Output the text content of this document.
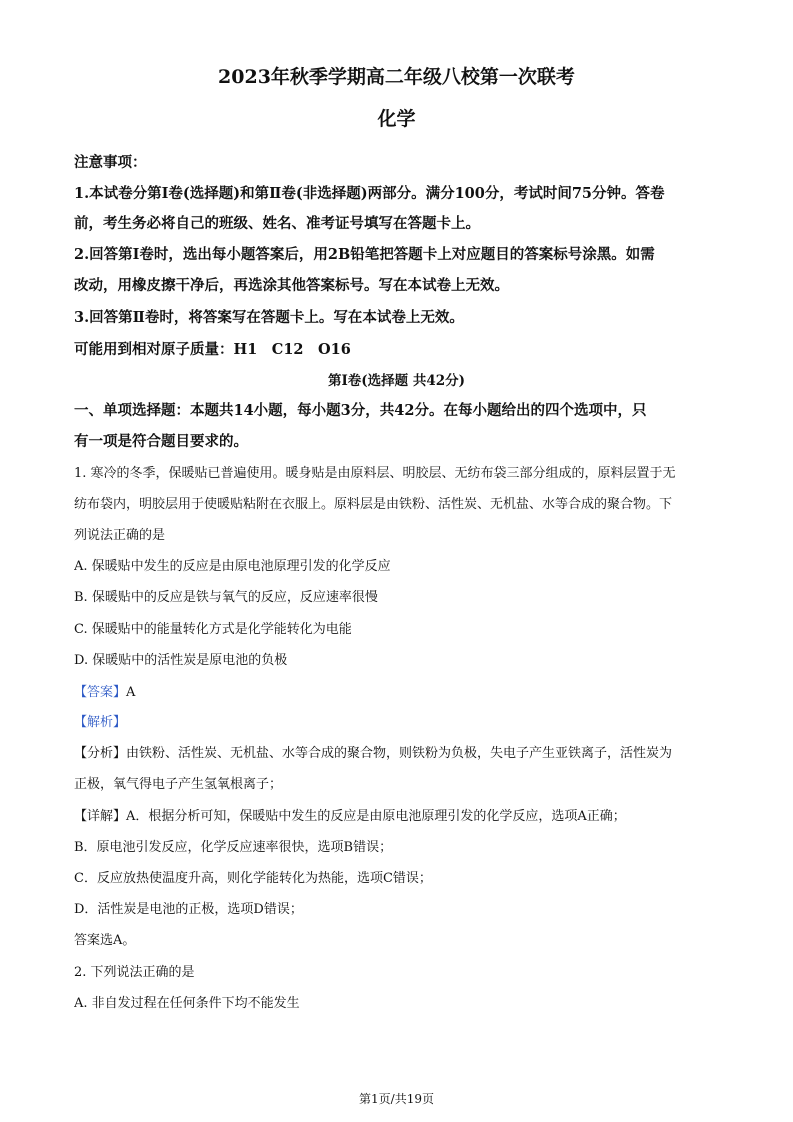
2023年秋季学期高二年级八校第一次联考
化学
注意事项：
1.本试卷分第Ⅰ卷(选择题)和第Ⅱ卷(非选择题)两部分。满分100分，考试时间75分钟。答卷
前，考生务必将自己的班级、姓名、准考证号填写在答题卡上。
2.回答第Ⅰ卷时，选出每小题答案后，用2B铅笔把答题卡上对应题目的答案标号涂黑。如需
改动，用橡皮擦干净后，再选涂其他答案标号。写在本试卷上无效。
3.回答第Ⅱ卷时，将答案写在答题卡上。写在本试卷上无效。
可能用到相对原子质量：H1　C12　O16
第Ⅰ卷(选择题 共42分)
一、单项选择题：本题共14小题，每小题3分，共42分。在每小题给出的四个选项中，只
有一项是符合题目要求的。
1. 寒冷的冬季，保暖贴已普遍使用。暖身贴是由原料层、明胶层、无纺布袋三部分组成的，原料层置于无
纺布袋内，明胶层用于使暖贴粘附在衣服上。原料层是由铁粉、活性炭、无机盐、水等合成的聚合物。下
列说法正确的是
A. 保暖贴中发生的反应是由原电池原理引发的化学反应
B. 保暖贴中的反应是铁与氧气的反应，反应速率很慢
C. 保暖贴中的能量转化方式是化学能转化为电能
D. 保暖贴中的活性炭是原电池的负极
【答案】A
【解析】
【分析】由铁粉、活性炭、无机盐、水等合成的聚合物，则铁粉为负极，失电子产生亚铁离子，活性炭为
正极，氧气得电子产生氢氧根离子；
【详解】A．根据分析可知，保暖贴中发生的反应是由原电池原理引发的化学反应，选项A正确；
B．原电池引发反应，化学反应速率很快，选项B错误；
C．反应放热使温度升高，则化学能转化为热能，选项C错误；
D．活性炭是电池的正极，选项D错误；
答案选A。
2. 下列说法正确的是
A. 非自发过程在任何条件下均不能发生
第1页/共19页
